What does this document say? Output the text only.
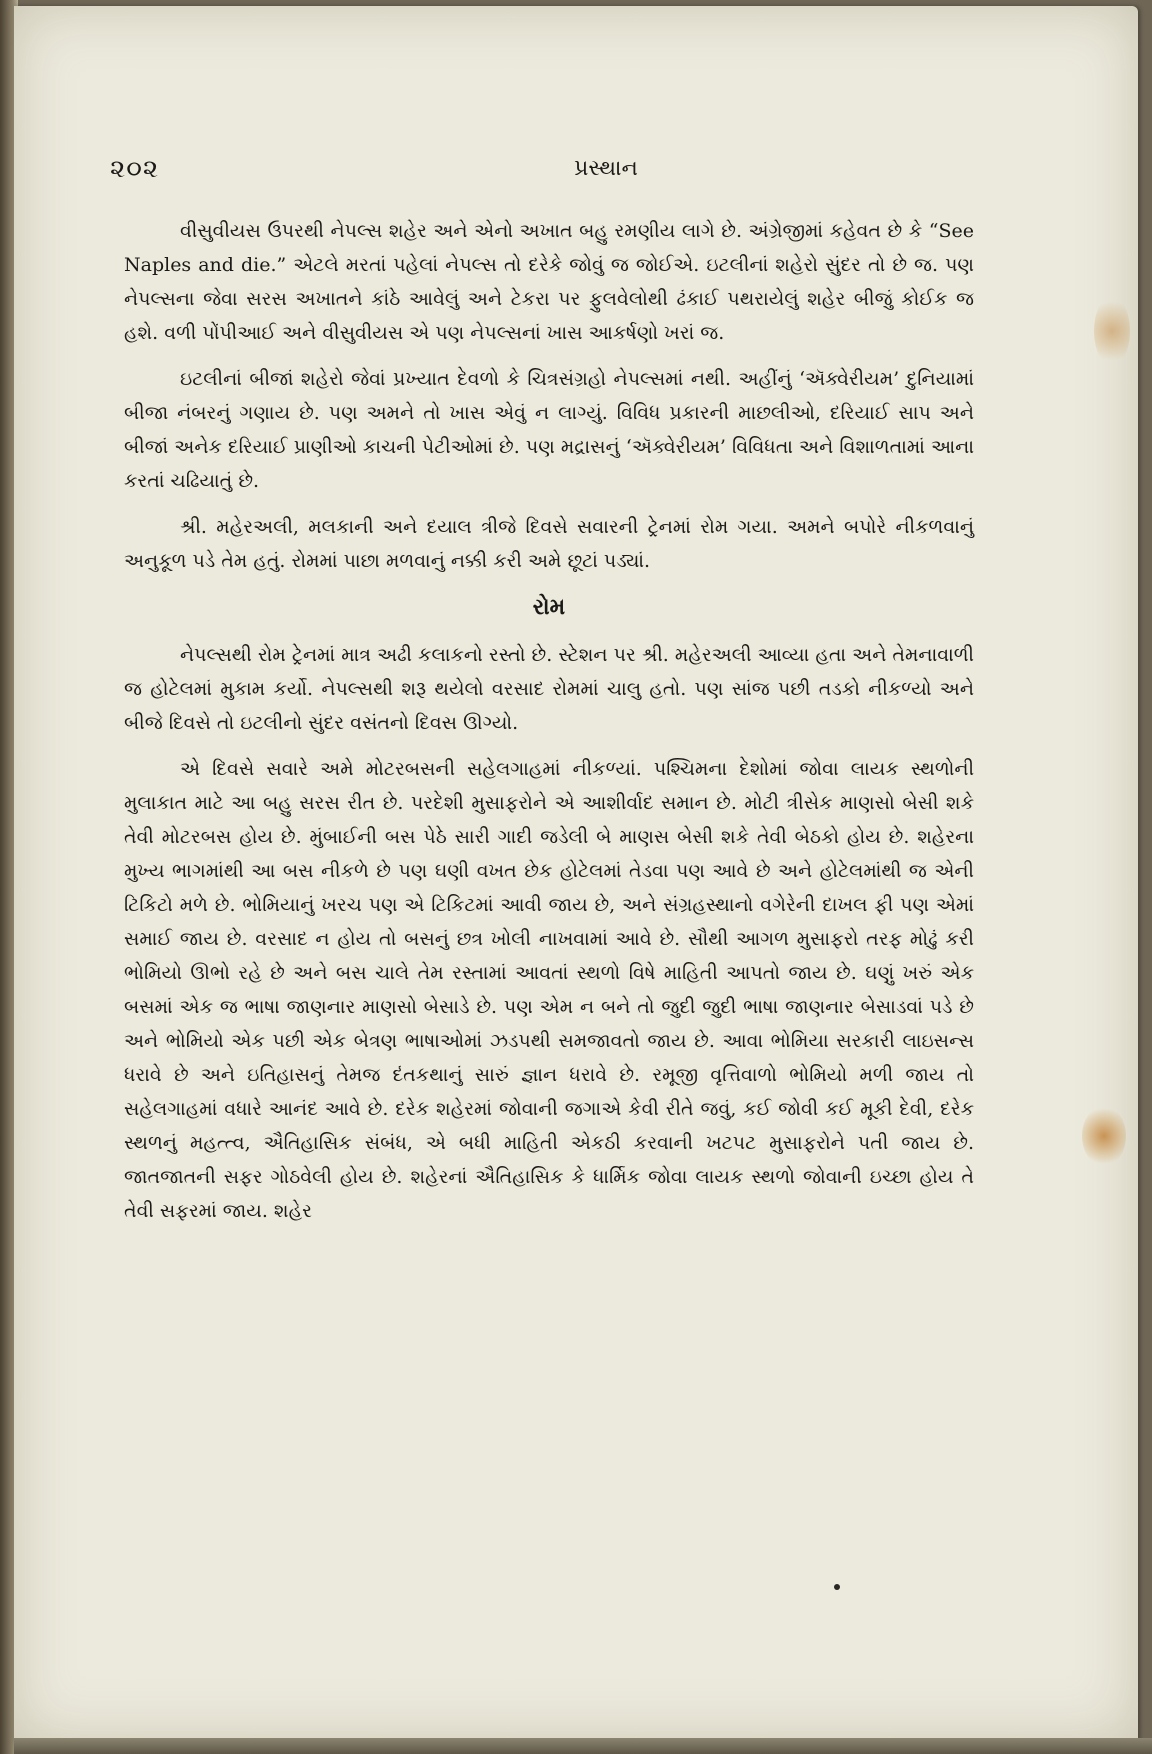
૨૦૨	પ્રસ્થાન

વીસુવીયસ ઉપરથી નેપલ્સ શહેર અને એનો અખાત બહુ રમણીય લાગે છે. અંગ્રેજીમાં કહેવત છે કે “See Naples and die.” એટલે મરતાં પહેલાં નેપલ્સ તો દરેકે જોવું જ જોઈએ. ઇટલીનાં શહેરો સુંદર તો છે જ. પણ નેપલ્સના જેવા સરસ અખાતને કાંઠે આવેલું અને ટેકરા પર ફુલવેલોથી ઢંકાઈ પથરાયેલું શહેર બીજું કોઈક જ હશે. વળી પોંપીઆઈ અને વીસુવીયસ એ પણ નેપલ્સનાં ખાસ આકર્ષણો ખરાં જ.

ઇટલીનાં બીજાં શહેરો જેવાં પ્રખ્યાત દેવળો કે ચિત્રસંગ્રહો નેપલ્સમાં નથી. અહીંનું ‘ઍક્વેરીયમ’ દુનિયામાં બીજા નંબરનું ગણાય છે. પણ અમને તો ખાસ એવું ન લાગ્યું. વિવિધ પ્રકારની માછલીઓ, દરિયાઈ સાપ અને બીજાં અનેક દરિયાઈ પ્રાણીઓ કાચની પેટીઓમાં છે. પણ મદ્રાસનું ‘ઍક્વેરીયમ’ વિવિધતા અને વિશાળતામાં આના કરતાં ચઢિયાતું છે.

શ્રી. મહેરઅલી, મલકાની અને દયાલ ત્રીજે દિવસે સવારની ટ્રેનમાં રોમ ગયા. અમને બપોરે નીકળવાનું અનુકૂળ પડે તેમ હતું. રોમમાં પાછા મળવાનું નક્કી કરી અમે છૂટાં પડ્યાં.

રોમ

નેપલ્સથી રોમ ટ્રેનમાં માત્ર અઢી કલાકનો રસ્તો છે. સ્ટેશન પર શ્રી. મહેરઅલી આવ્યા હતા અને તેમનાવાળી જ હોટેલમાં મુકામ કર્યો. નેપલ્સથી શરૂ થયેલો વરસાદ રોમમાં ચાલુ હતો. પણ સાંજ પછી તડકો નીકળ્યો અને બીજે દિવસે તો ઇટલીનો સુંદર વસંતનો દિવસ ઊગ્યો.

એ દિવસે સવારે અમે મોટરબસની સહેલગાહમાં નીકળ્યાં. પશ્ચિમના દેશોમાં જોવા લાયક સ્થળોની મુલાકાત માટે આ બહુ સરસ રીત છે. પરદેશી મુસાફરોને એ આશીર્વાદ સમાન છે. મોટી ત્રીસેક માણસો બેસી શકે તેવી મોટરબસ હોય છે. મુંબાઈની બસ પેઠે સારી ગાદી જડેલી બે માણસ બેસી શકે તેવી બેઠકો હોય છે. શહેરના મુખ્ય ભાગમાંથી આ બસ નીકળે છે પણ ઘણી વખત છેક હોટેલમાં તેડવા પણ આવે છે અને હોટેલમાંથી જ એની ટિકિટો મળે છે. ભોમિયાનું ખરચ પણ એ ટિકિટમાં આવી જાય છે, અને સંગ્રહસ્થાનો વગેરેની દાખલ ફી પણ એમાં સમાઈ જાય છે. વરસાદ ન હોય તો બસનું છત્ર ખોલી નાખવામાં આવે છે. સૌથી આગળ મુસાફરો તરફ મોઢું કરી ભોમિયો ઊભો રહે છે અને બસ ચાલે તેમ રસ્તામાં આવતાં સ્થળો વિષે માહિતી આપતો જાય છે. ઘણું ખરું એક બસમાં એક જ ભાષા જાણનાર માણસો બેસાડે છે. પણ એમ ન બને તો જુદી જુદી ભાષા જાણનાર બેસાડવાં પડે છે અને ભોમિયો એક પછી એક બેત્રણ ભાષાઓમાં ઝડપથી સમજાવતો જાય છે. આવા ભોમિયા સરકારી લાઇસન્સ ધરાવે છે અને ઇતિહાસનું તેમજ દંતકથાનું સારું જ્ઞાન ધરાવે છે. રમૂજી વૃત્તિવાળો ભોમિયો મળી જાય તો સહેલગાહમાં વધારે આનંદ આવે છે. દરેક શહેરમાં જોવાની જગાએ કેવી રીતે જવું, કઈ જોવી કઈ મૂકી દેવી, દરેક સ્થળનું મહત્ત્વ, ઐતિહાસિક સંબંધ, એ બધી માહિતી એકઠી કરવાની ખટપટ મુસાફરોને પતી જાય છે. જાતજાતની સફર ગોઠવેલી હોય છે. શહેરનાં ઐતિહાસિક કે ધાર્મિક જોવા લાયક સ્થળો જોવાની ઇચ્છા હોય તે તેવી સફરમાં જાય. શહેર
